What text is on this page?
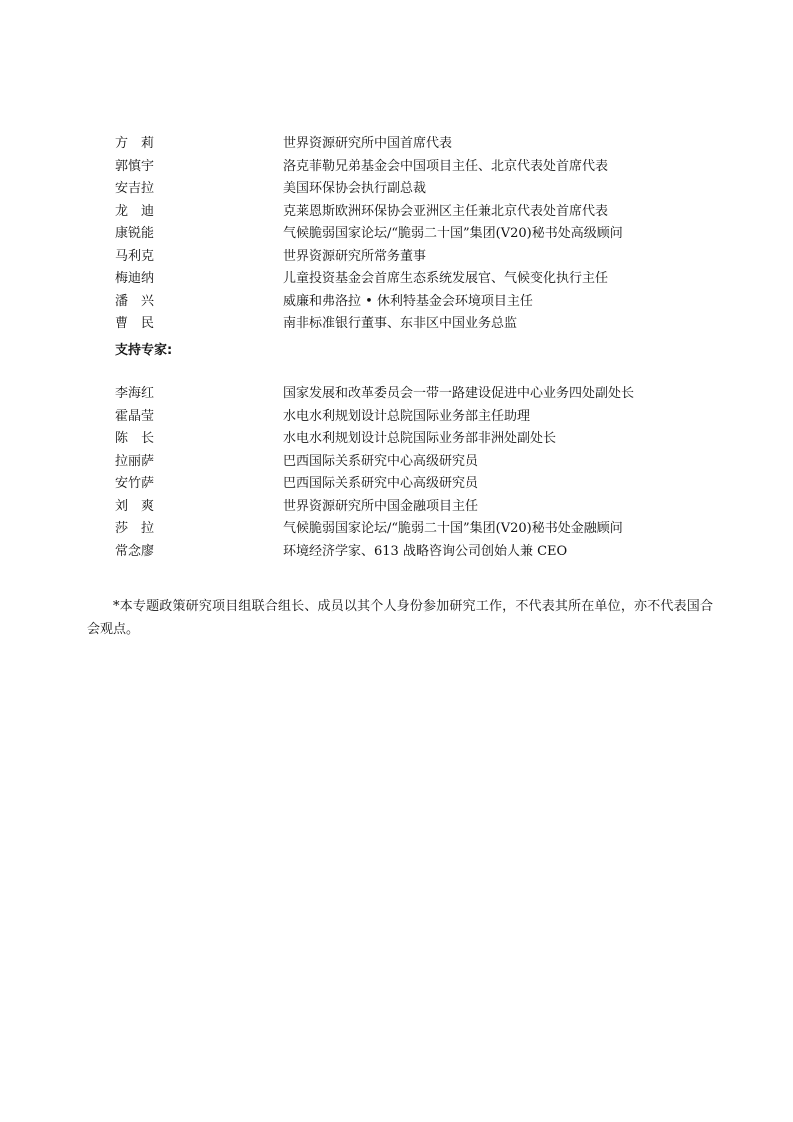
方　莉	世界资源研究所中国首席代表
郭慎宇	洛克菲勒兄弟基金会中国项目主任、北京代表处首席代表
安吉拉	美国环保协会执行副总裁
龙　迪	克莱恩斯欧洲环保协会亚洲区主任兼北京代表处首席代表
康锐能	气候脆弱国家论坛/“脆弱二十国”集团(V20)秘书处高级顾问
马利克	世界资源研究所常务董事
梅迪纳	儿童投资基金会首席生态系统发展官、气候变化执行主任
潘　兴	威廉和弗洛拉 • 休利特基金会环境项目主任
曹　民	南非标准银行董事、东非区中国业务总监
支持专家:
李海红	国家发展和改革委员会一带一路建设促进中心业务四处副处长
霍晶莹	水电水利规划设计总院国际业务部主任助理
陈　长	水电水利规划设计总院国际业务部非洲处副处长
拉丽萨	巴西国际关系研究中心高级研究员
安竹萨	巴西国际关系研究中心高级研究员
刘　爽	世界资源研究所中国金融项目主任
莎　拉	气候脆弱国家论坛/“脆弱二十国”集团(V20)秘书处金融顾问
常念廖	环境经济学家、613 战略咨询公司创始人兼 CEO

*本专题政策研究项目组联合组长、成员以其个人身份参加研究工作，不代表其所在单位，亦不代表国合会观点。
